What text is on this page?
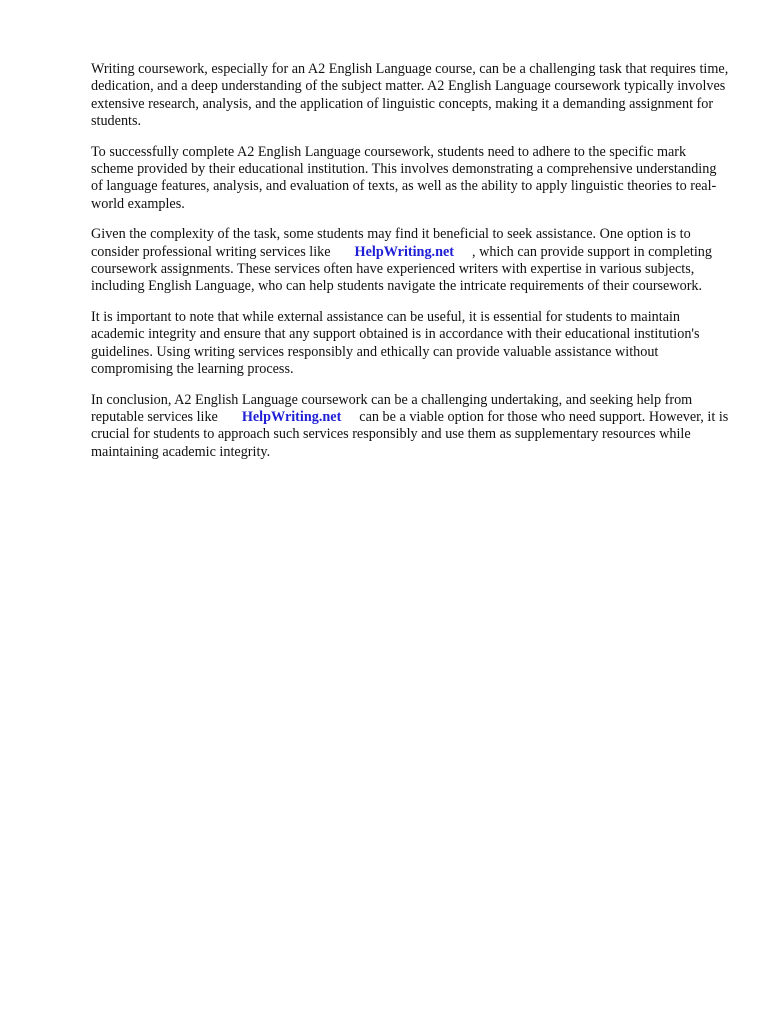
Writing coursework, especially for an A2 English Language course, can be a challenging task that requires time, dedication, and a deep understanding of the subject matter. A2 English Language coursework typically involves extensive research, analysis, and the application of linguistic concepts, making it a demanding assignment for students.

To successfully complete A2 English Language coursework, students need to adhere to the specific mark scheme provided by their educational institution. This involves demonstrating a comprehensive understanding of language features, analysis, and evaluation of texts, as well as the ability to apply linguistic theories to real-world examples.

Given the complexity of the task, some students may find it beneficial to seek assistance. One option is to consider professional writing services like HelpWriting.net , which can provide support in completing coursework assignments. These services often have experienced writers with expertise in various subjects, including English Language, who can help students navigate the intricate requirements of their coursework.

It is important to note that while external assistance can be useful, it is essential for students to maintain academic integrity and ensure that any support obtained is in accordance with their educational institution's guidelines. Using writing services responsibly and ethically can provide valuable assistance without compromising the learning process.

In conclusion, A2 English Language coursework can be a challenging undertaking, and seeking help from reputable services like HelpWriting.net can be a viable option for those who need support. However, it is crucial for students to approach such services responsibly and use them as supplementary resources while maintaining academic integrity.
